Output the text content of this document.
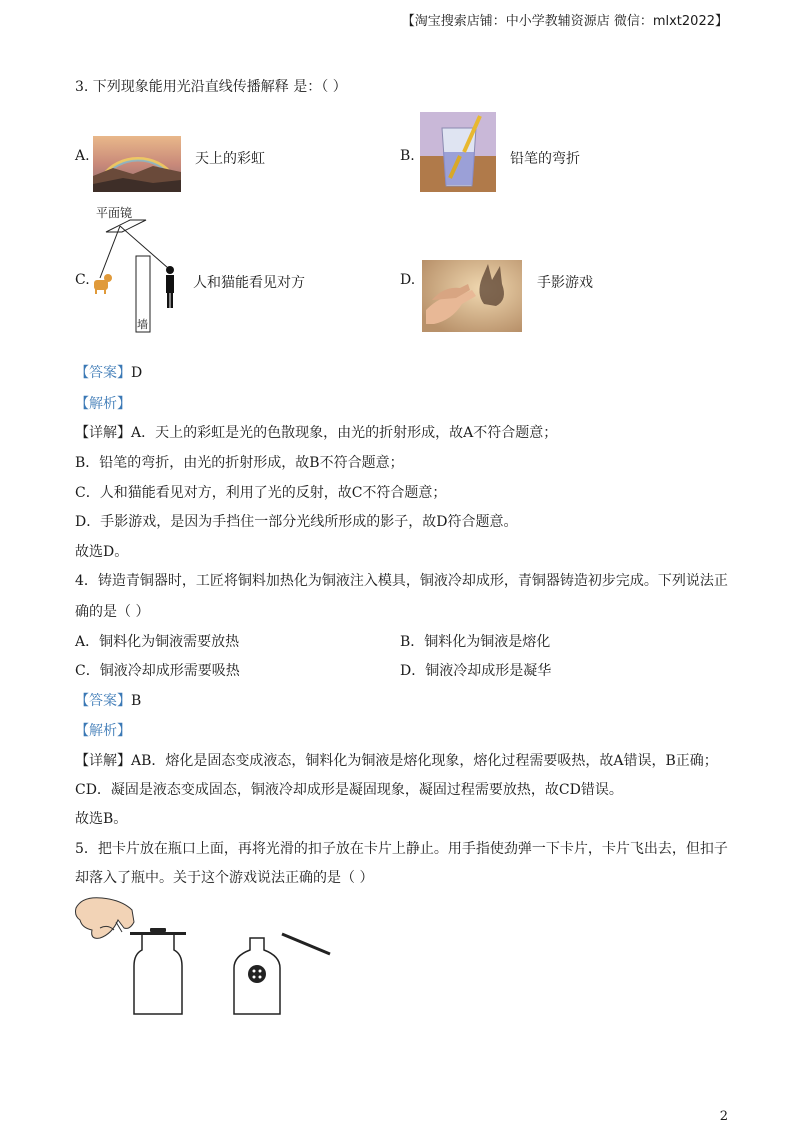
【淘宝搜索店铺：中小学教辅资源店 微信：mlxt2022】
3. 下列现象能用光沿直线传播解释 是：（ ）
A.	天上的彩虹	B.	铅笔的弯折
平面镜
C.
墙
人和猫能看见对方	D.	手影游戏
【答案】D
【解析】
【详解】A．天上的彩虹是光的色散现象，由光的折射形成，故A不符合题意；
B．铅笔的弯折，由光的折射形成，故B不符合题意；
C．人和猫能看见对方，利用了光的反射，故C不符合题意；
D．手影游戏，是因为手挡住一部分光线所形成的影子，故D符合题意。
故选D。
4．铸造青铜器时，工匠将铜料加热化为铜液注入模具，铜液冷却成形，青铜器铸造初步完成。下列说法正
确的是（ ）
A．铜料化为铜液需要放热	B．铜料化为铜液是熔化
C．铜液冷却成形需要吸热	D．铜液冷却成形是凝华
【答案】B
【解析】
【详解】AB．熔化是固态变成液态，铜料化为铜液是熔化现象，熔化过程需要吸热，故A错误，B正确；
CD．凝固是液态变成固态，铜液冷却成形是凝固现象，凝固过程需要放热，故CD错误。
故选B。
5．把卡片放在瓶口上面，再将光滑的扣子放在卡片上静止。用手指使劲弹一下卡片，卡片飞出去，但扣子
却落入了瓶中。关于这个游戏说法正确的是（ ）
2
